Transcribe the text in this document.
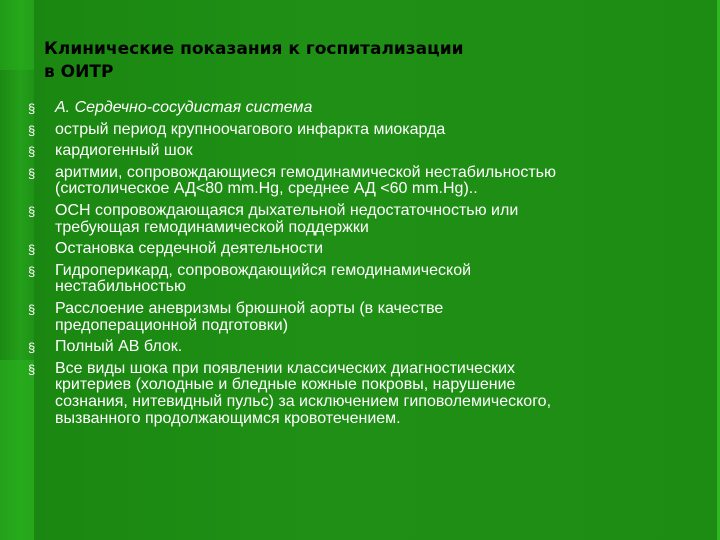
Клинические показания к госпитализации
в ОИТР
§ А. Сердечно-сосудистая система
§ острый период крупноочагового инфаркта миокарда
§ кардиогенный шок
§ аритмии, сопровождающиеся гемодинамической нестабильностью
(систолическое АД<80 mm.Hg, среднее АД <60 mm.Hg)..
§ ОСН сопровождающаяся дыхательной недостаточностью или
требующая гемодинамической поддержки
§ Остановка сердечной деятельности
§ Гидроперикард, сопровождающийся гемодинамической
нестабильностью
§ Расслоение аневризмы брюшной аорты (в качестве
предоперационной подготовки)
§ Полный АВ блок.
§ Все виды шока при появлении классических диагностических
критериев (холодные и бледные кожные покровы, нарушение
сознания, нитевидный пульс) за исключением гиповолемического,
вызванного продолжающимся кровотечением.
